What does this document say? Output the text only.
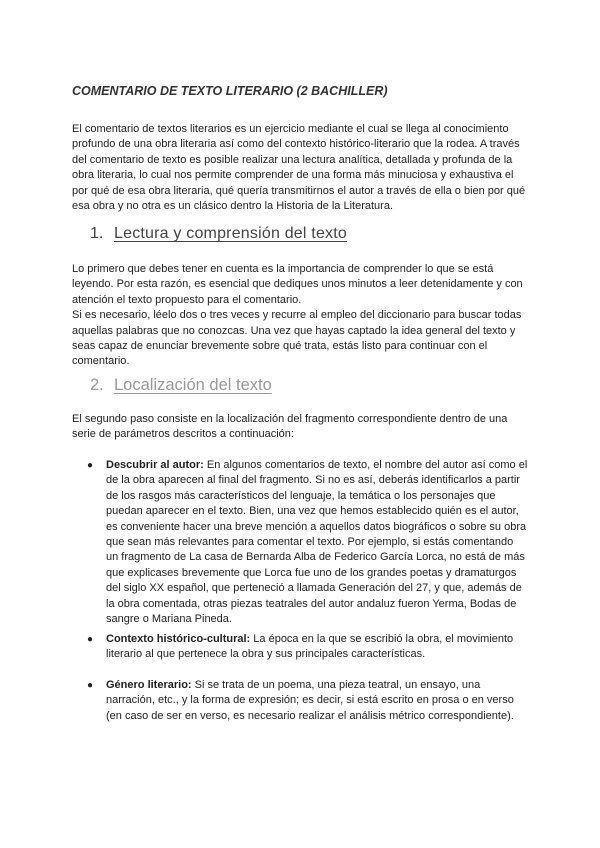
COMENTARIO DE TEXTO LITERARIO (2 BACHILLER)

El comentario de textos literarios es un ejercicio mediante el cual se llega al conocimiento profundo de una obra literaria así como del contexto histórico-literario que la rodea. A través del comentario de texto es posible realizar una lectura analítica, detallada y profunda de la obra literaria, lo cual nos permite comprender de una forma más minuciosa y exhaustiva el por qué de esa obra literaria, qué quería transmitirnos el autor a través de ella o bien por qué esa obra y no otra es un clásico dentro la Historia de la Literatura.

1. Lectura y comprensión del texto

Lo primero que debes tener en cuenta es la importancia de comprender lo que se está leyendo. Por esta razón, es esencial que dediques unos minutos a leer detenidamente y con atención el texto propuesto para el comentario.

Si es necesario, léelo dos o tres veces y recurre al empleo del diccionario para buscar todas aquellas palabras que no conozcas. Una vez que hayas captado la idea general del texto y seas capaz de enunciar brevemente sobre qué trata, estás listo para continuar con el comentario.

2. Localización del texto

El segundo paso consiste en la localización del fragmento correspondiente dentro de una serie de parámetros descritos a continuación:

● Descubrir al autor: En algunos comentarios de texto, el nombre del autor así como el de la obra aparecen al final del fragmento. Si no es así, deberás identificarlos a partir de los rasgos más característicos del lenguaje, la temática o los personajes que puedan aparecer en el texto. Bien, una vez que hemos establecido quién es el autor, es conveniente hacer una breve mención a aquellos datos biográficos o sobre su obra que sean más relevantes para comentar el texto. Por ejemplo, si estás comentando un fragmento de La casa de Bernarda Alba de Federico García Lorca, no está de más que explicases brevemente que Lorca fue uno de los grandes poetas y dramaturgos del siglo XX español, que perteneció a llamada Generación del 27, y que, además de la obra comentada, otras piezas teatrales del autor andaluz fueron Yerma, Bodas de sangre o Mariana Pineda.
● Contexto histórico-cultural: La época en la que se escribió la obra, el movimiento literario al que pertenece la obra y sus principales características.
● Género literario: Si se trata de un poema, una pieza teatral, un ensayo, una narración, etc., y la forma de expresión; es decir, si está escrito en prosa o en verso (en caso de ser en verso, es necesario realizar el análisis métrico correspondiente).
